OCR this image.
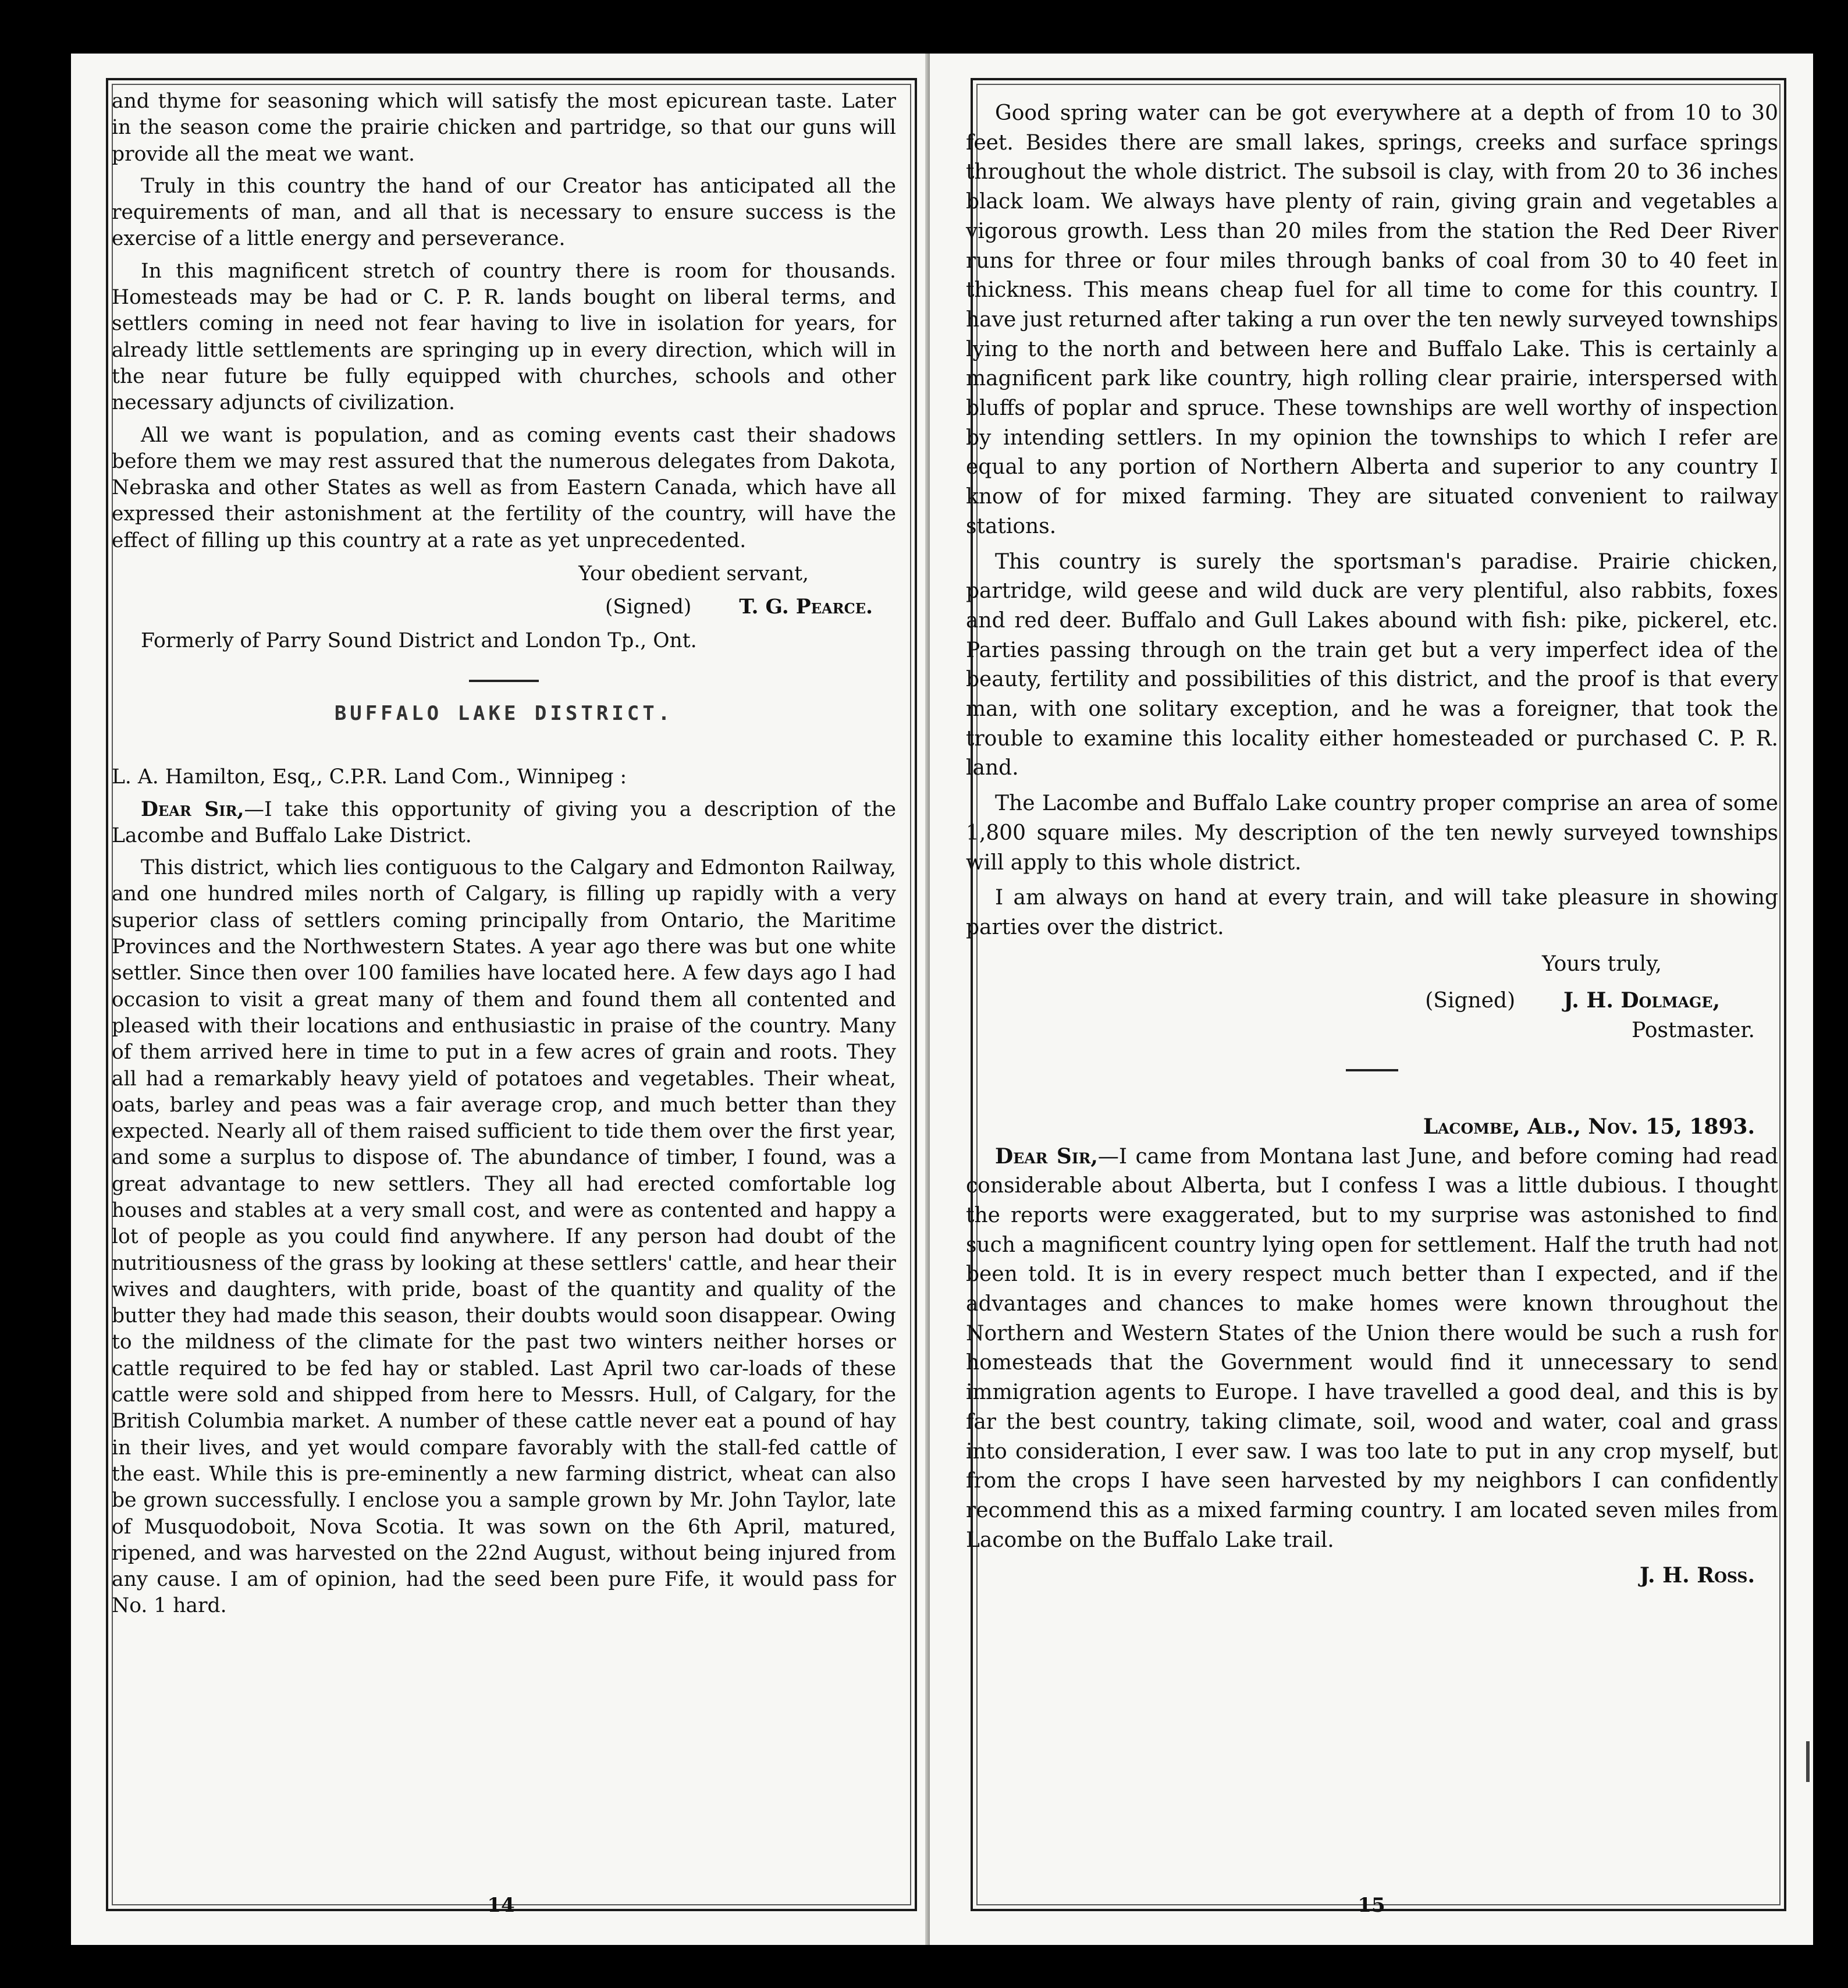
and thyme for seasoning which will satisfy the most epicurean taste. Later in the season come the prairie chicken and partridge, so that our guns will provide all the meat we want.

Truly in this country the hand of our Creator has anticipated all the requirements of man, and all that is necessary to ensure success is the exercise of a little energy and perseverance.

In this magnificent stretch of country there is room for thousands. Homesteads may be had or C. P. R. lands bought on liberal terms, and settlers coming in need not fear having to live in isolation for years, for already little settlements are springing up in every direction, which will in the near future be fully equipped with churches, schools and other necessary adjuncts of civilization.

All we want is population, and as coming events cast their shadows before them we may rest assured that the numerous delegates from Dakota, Nebraska and other States as well as from Eastern Canada, which have all expressed their astonishment at the fertility of the country, will have the effect of filling up this country at a rate as yet unprecedented.

Your obedient servant,
(Signed) T. G. Pearce.
Formerly of Parry Sound District and London Tp., Ont.
BUFFALO LAKE DISTRICT.

L. A. Hamilton, Esq,, C.P.R. Land Com., Winnipeg :

Dear Sir,—I take this opportunity of giving you a description of the Lacombe and Buffalo Lake District.

This district, which lies contiguous to the Calgary and Edmonton Railway, and one hundred miles north of Calgary, is filling up rapidly with a very superior class of settlers coming principally from Ontario, the Maritime Provinces and the Northwestern States. A year ago there was but one white settler. Since then over 100 families have located here. A few days ago I had occasion to visit a great many of them and found them all contented and pleased with their locations and enthusiastic in praise of the country. Many of them arrived here in time to put in a few acres of grain and roots. They all had a remarkably heavy yield of potatoes and vegetables. Their wheat, oats, barley and peas was a fair average crop, and much better than they expected. Nearly all of them raised sufficient to tide them over the first year, and some a surplus to dispose of. The abundance of timber, I found, was a great advantage to new settlers. They all had erected comfortable log houses and stables at a very small cost, and were as contented and happy a lot of people as you could find anywhere. If any person had doubt of the nutritiousness of the grass by looking at these settlers' cattle, and hear their wives and daughters, with pride, boast of the quantity and quality of the butter they had made this season, their doubts would soon disappear. Owing to the mildness of the climate for the past two winters neither horses or cattle required to be fed hay or stabled. Last April two car-loads of these cattle were sold and shipped from here to Messrs. Hull, of Calgary, for the British Columbia market. A number of these cattle never eat a pound of hay in their lives, and yet would compare favorably with the stall-fed cattle of the east. While this is pre-eminently a new farming district, wheat can also be grown successfully. I enclose you a sample grown by Mr. John Taylor, late of Musquodoboit, Nova Scotia. It was sown on the 6th April, matured, ripened, and was harvested on the 22nd August, without being injured from any cause. I am of opinion, had the seed been pure Fife, it would pass for No. 1 hard.

14

Good spring water can be got everywhere at a depth of from 10 to 30 feet. Besides there are small lakes, springs, creeks and surface springs throughout the whole district. The subsoil is clay, with from 20 to 36 inches black loam. We always have plenty of rain, giving grain and vegetables a vigorous growth. Less than 20 miles from the station the Red Deer River runs for three or four miles through banks of coal from 30 to 40 feet in thickness. This means cheap fuel for all time to come for this country. I have just returned after taking a run over the ten newly surveyed townships lying to the north and between here and Buffalo Lake. This is certainly a magnificent park like country, high rolling clear prairie, interspersed with bluffs of poplar and spruce. These townships are well worthy of inspection by intending settlers. In my opinion the townships to which I refer are equal to any portion of Northern Alberta and superior to any country I know of for mixed farming. They are situated convenient to railway stations.

This country is surely the sportsman's paradise. Prairie chicken, partridge, wild geese and wild duck are very plentiful, also rabbits, foxes and red deer. Buffalo and Gull Lakes abound with fish: pike, pickerel, etc. Parties passing through on the train get but a very imperfect idea of the beauty, fertility and possibilities of this district, and the proof is that every man, with one solitary exception, and he was a foreigner, that took the trouble to examine this locality either homesteaded or purchased C. P. R. land.

The Lacombe and Buffalo Lake country proper comprise an area of some 1,800 square miles. My description of the ten newly surveyed townships will apply to this whole district.

I am always on hand at every train, and will take pleasure in showing parties over the district.

Yours truly,
(Signed) J. H. Dolmage,
Postmaster.
Lacombe, Alb., Nov. 15, 1893.

Dear Sir,—I came from Montana last June, and before coming had read considerable about Alberta, but I confess I was a little dubious. I thought the reports were exaggerated, but to my surprise was astonished to find such a magnificent country lying open for settlement. Half the truth had not been told. It is in every respect much better than I expected, and if the advantages and chances to make homes were known throughout the Northern and Western States of the Union there would be such a rush for homesteads that the Government would find it unnecessary to send immigration agents to Europe. I have travelled a good deal, and this is by far the best country, taking climate, soil, wood and water, coal and grass into consideration, I ever saw. I was too late to put in any crop myself, but from the crops I have seen harvested by my neighbors I can confidently recommend this as a mixed farming country. I am located seven miles from Lacombe on the Buffalo Lake trail.

J. H. Ross.
15
